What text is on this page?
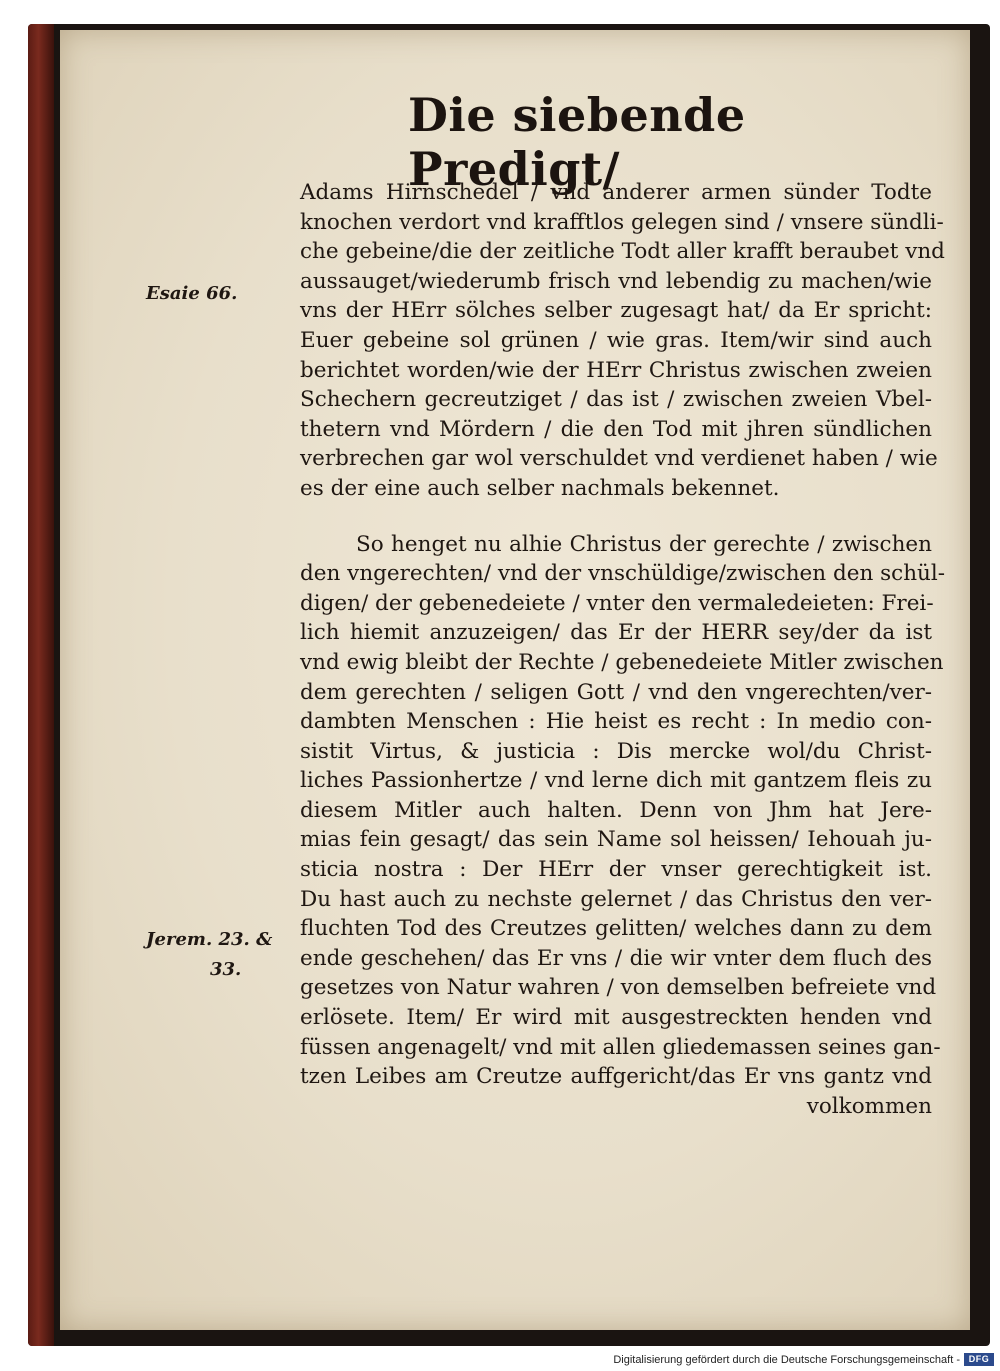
Die siebende Predigt/
Esaie 66.
Jerem. 23. &
33.
Adams Hirnschedel / vnd anderer armen sünder Todte
knochen verdort vnd krafftlos gelegen sind / vnsere sündli-
che gebeine/die der zeitliche Todt aller krafft beraubet vnd
aussauget/wiederumb frisch vnd lebendig zu machen/wie
vns der HErr sölches selber zugesagt hat/ da Er spricht:
Euer gebeine sol grünen / wie gras. Item/wir sind auch
berichtet worden/wie der HErr Christus zwischen zweien
Schechern gecreutziget / das ist / zwischen zweien Vbel-
thetern vnd Mördern / die den Tod mit jhren sündlichen
verbrechen gar wol verschuldet vnd verdienet haben / wie
es der eine auch selber nachmals bekennet.
So henget nu alhie Christus der gerechte / zwischen
den vngerechten/ vnd der vnschüldige/zwischen den schül-
digen/ der gebenedeiete / vnter den vermaledeieten: Frei-
lich hiemit anzuzeigen/ das Er der HERR sey/der da ist
vnd ewig bleibt der Rechte / gebenedeiete Mitler zwischen
dem gerechten / seligen Gott / vnd den vngerechten/ver-
dambten Menschen : Hie heist es recht : In medio con-
sistit Virtus, & justicia : Dis mercke wol/du Christ-
liches Passionhertze / vnd lerne dich mit gantzem fleis zu
diesem Mitler auch halten. Denn von Jhm hat Jere-
mias fein gesagt/ das sein Name sol heissen/ Iehouah ju-
sticia nostra : Der HErr der vnser gerechtigkeit ist.
Du hast auch zu nechste gelernet / das Christus den ver-
fluchten Tod des Creutzes gelitten/ welches dann zu dem
ende geschehen/ das Er vns / die wir vnter dem fluch des
gesetzes von Natur wahren / von demselben befreiete vnd
erlösete. Item/ Er wird mit ausgestreckten henden vnd
füssen angenagelt/ vnd mit allen gliedemassen seines gan-
tzen Leibes am Creutze auffgericht/das Er vns gantz vnd
volkommen
Digitalisierung gefördert durch die Deutsche Forschungsgemeinschaft - DFG
